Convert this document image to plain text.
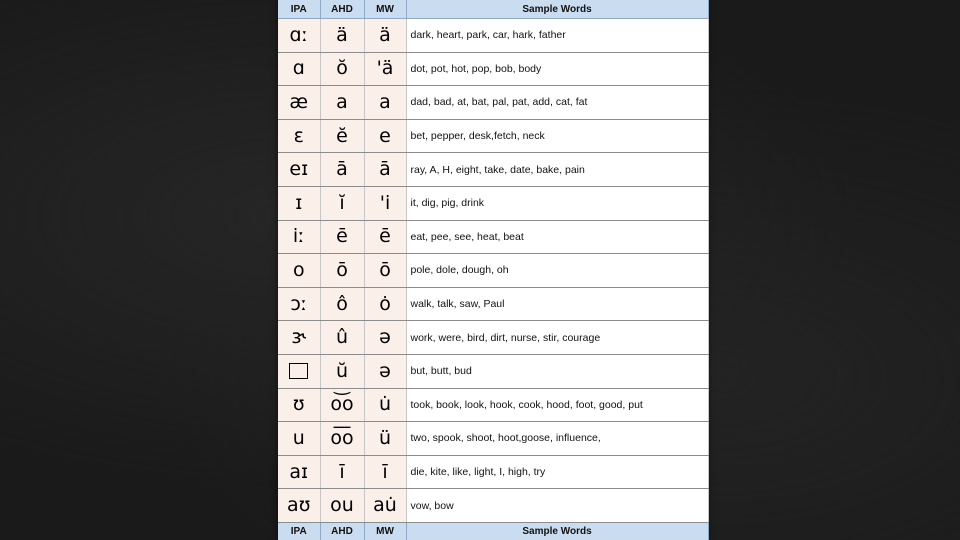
IPA	AHD	MW	Sample Words
ɑː	ä	ä	dark, heart, park, car, hark, father
ɑ	ŏ	'ä	dot, pot, hot, pop, bob, body
æ	a	a	dad, bad, at, bat, pal, pat, add, cat, fat
ɛ	ĕ	e	bet, pepper, desk,fetch, neck
eɪ	ā	ā	ray, A, H, eight, take, date, bake, pain
ɪ	ĭ	'i	it, dig, pig, drink
iː	ē	ē	eat, pee, see, heat, beat
o	ō	ō	pole, dole, dough, oh
ɔː	ô	ȯ	walk, talk, saw, Paul
ɝ	û	ə	work, were, bird, dirt, nurse, stir, courage
	ŭ	ə	but, butt, bud
ʊ	o͝o	u̇	took, book, look, hook, cook, hood, foot, good, put
u	o͞o	ü	two, spook, shoot, hoot,goose, influence,
aɪ	ī	ī	die, kite, like, light, I, high, try
aʊ	ou	au̇	vow, bow
IPA	AHD	MW	Sample Words
